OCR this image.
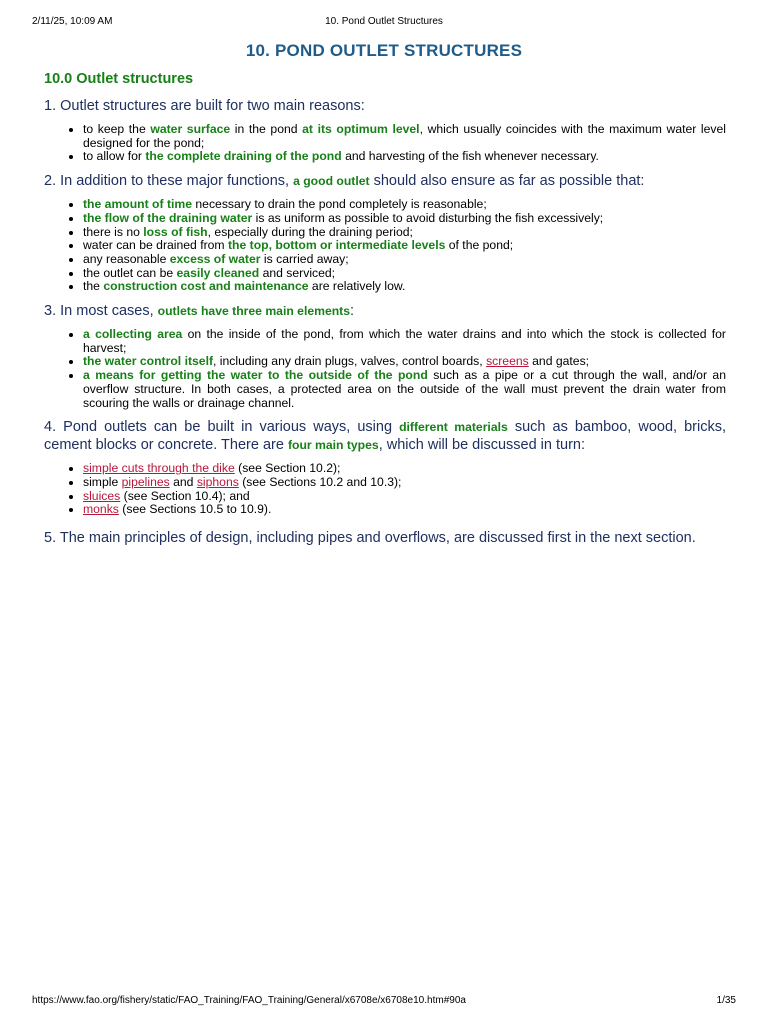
2/11/25, 10:09 AM	10. Pond Outlet Structures
10. POND OUTLET STRUCTURES
10.0 Outlet structures
1. Outlet structures are built for two main reasons:
• to keep the water surface in the pond at its optimum level, which usually coincides with the maximum water level designed for the pond;
• to allow for the complete draining of the pond and harvesting of the fish whenever necessary.
2. In addition to these major functions, a good outlet should also ensure as far as possible that:
• the amount of time necessary to drain the pond completely is reasonable;
• the flow of the draining water is as uniform as possible to avoid disturbing the fish excessively;
• there is no loss of fish, especially during the draining period;
• water can be drained from the top, bottom or intermediate levels of the pond;
• any reasonable excess of water is carried away;
• the outlet can be easily cleaned and serviced;
• the construction cost and maintenance are relatively low.
3. In most cases, outlets have three main elements:
• a collecting area on the inside of the pond, from which the water drains and into which the stock is collected for harvest;
• the water control itself, including any drain plugs, valves, control boards, screens and gates;
• a means for getting the water to the outside of the pond such as a pipe or a cut through the wall, and/or an overflow structure. In both cases, a protected area on the outside of the wall must prevent the drain water from scouring the walls or drainage channel.
4. Pond outlets can be built in various ways, using different materials such as bamboo, wood, bricks, cement blocks or concrete. There are four main types, which will be discussed in turn:
• simple cuts through the dike (see Section 10.2);
• simple pipelines and siphons (see Sections 10.2 and 10.3);
• sluices (see Section 10.4); and
• monks (see Sections 10.5 to 10.9).
5. The main principles of design, including pipes and overflows, are discussed first in the next section.
https://www.fao.org/fishery/static/FAO_Training/FAO_Training/General/x6708e/x6708e10.htm#90a	1/35
